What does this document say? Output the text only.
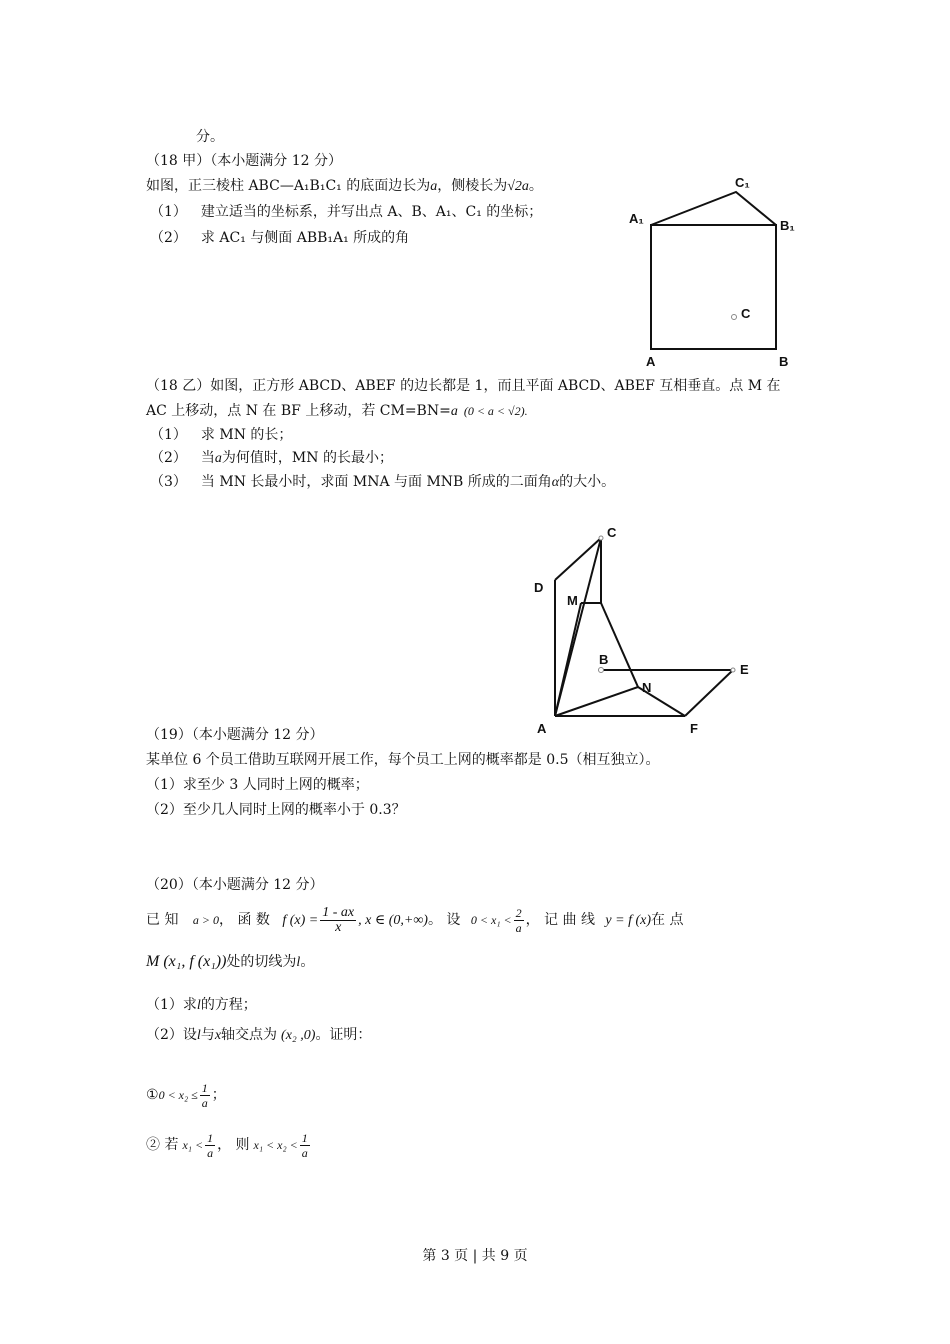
分。
（18 甲）（本小题满分 12 分）
如图，正三棱柱 ABC—A₁B₁C₁ 的底面边长为a，侧棱长为√2a。
（1） 建立适当的坐标系，并写出点 A、B、A₁、C₁ 的坐标；
（2） 求 AC₁ 与侧面 ABB₁A₁ 所成的角
C₁
A₁	B₁
C
A	B
（18 乙）如图，正方形 ABCD、ABEF 的边长都是 1，而且平面 ABCD、ABEF 互相垂直。点 M 在
AC 上移动，点 N 在 BF 上移动，若 CM=BN=a (0 < a < √2).
（1） 求 MN 的长；
（2） 当a为何值时，MN 的长最小；
（3） 当 MN 长最小时，求面 MNA 与面 MNB 所成的二面角α的大小。
C
D
M
B
E
N
A	F
（19）（本小题满分 12 分）
某单位 6 个员工借助互联网开展工作，每个员工上网的概率都是 0.5（相互独立）。
（1）求至少 3 人同时上网的概率；
（2）至少几人同时上网的概率小于 0.3？
（20）（本小题满分 12 分）
已 知 a > 0， 函 数 f $(x) = \frac{1 - ax}{x}$ , x ∈ (0,+∞)。 设 $0 < x_1 < \frac{2}{a}$ ， 记 曲 线 y = f (x)在 点
M (x₁, f (x₁))处的切线为l。
（1）求l的方程；
（2）设l与x轴交点为 (x₂ ,0)。证明：
①0 < $x_2 \le \frac{1}{a}$ ；
② 若 $x_1 < \frac{1}{a}$ ， 则 $x_1 < x_2 < \frac{1}{a}$
第 3 页 | 共 9 页
